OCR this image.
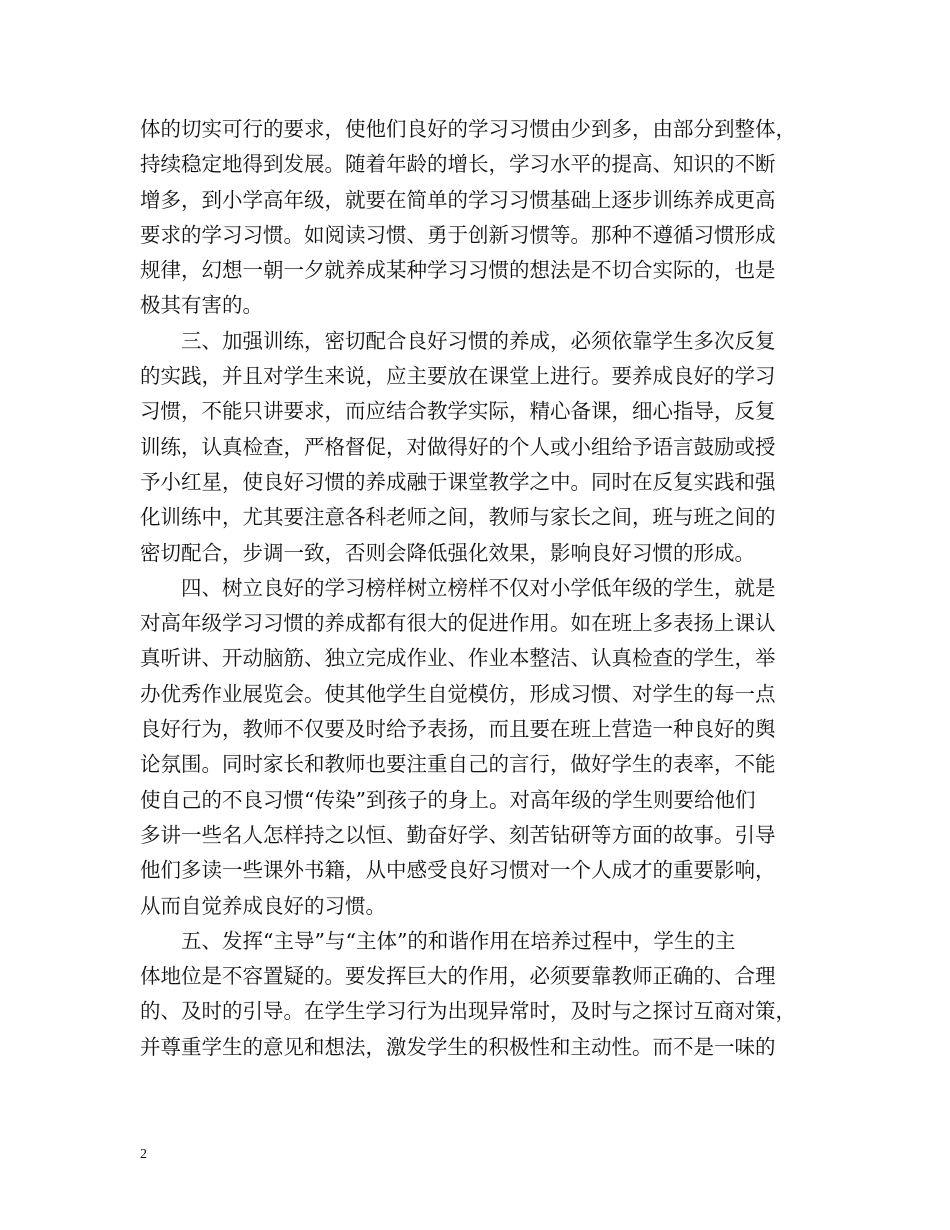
体的切实可行的要求，使他们良好的学习习惯由少到多，由部分到整体，
持续稳定地得到发展。随着年龄的增长，学习水平的提高、知识的不断
增多，到小学高年级，就要在简单的学习习惯基础上逐步训练养成更高
要求的学习习惯。如阅读习惯、勇于创新习惯等。那种不遵循习惯形成
规律，幻想一朝一夕就养成某种学习习惯的想法是不切合实际的，也是
极其有害的。
三、加强训练，密切配合良好习惯的养成，必须依靠学生多次反复
的实践，并且对学生来说，应主要放在课堂上进行。要养成良好的学习
习惯，不能只讲要求，而应结合教学实际，精心备课，细心指导，反复
训练，认真检查，严格督促，对做得好的个人或小组给予语言鼓励或授
予小红星，使良好习惯的养成融于课堂教学之中。同时在反复实践和强
化训练中，尤其要注意各科老师之间，教师与家长之间，班与班之间的
密切配合，步调一致，否则会降低强化效果，影响良好习惯的形成。
四、树立良好的学习榜样树立榜样不仅对小学低年级的学生，就是
对高年级学习习惯的养成都有很大的促进作用。如在班上多表扬上课认
真听讲、开动脑筋、独立完成作业、作业本整洁、认真检查的学生，举
办优秀作业展览会。使其他学生自觉模仿，形成习惯、对学生的每一点
良好行为，教师不仅要及时给予表扬，而且要在班上营造一种良好的舆
论氛围。同时家长和教师也要注重自己的言行，做好学生的表率，不能
使自己的不良习惯“传染”到孩子的身上。对高年级的学生则要给他们
多讲一些名人怎样持之以恒、勤奋好学、刻苦钻研等方面的故事。引导
他们多读一些课外书籍，从中感受良好习惯对一个人成才的重要影响，
从而自觉养成良好的习惯。
五、发挥“主导”与“主体”的和谐作用在培养过程中，学生的主
体地位是不容置疑的。要发挥巨大的作用，必须要靠教师正确的、合理
的、及时的引导。在学生学习行为出现异常时，及时与之探讨互商对策，
并尊重学生的意见和想法，激发学生的积极性和主动性。而不是一味的
2
